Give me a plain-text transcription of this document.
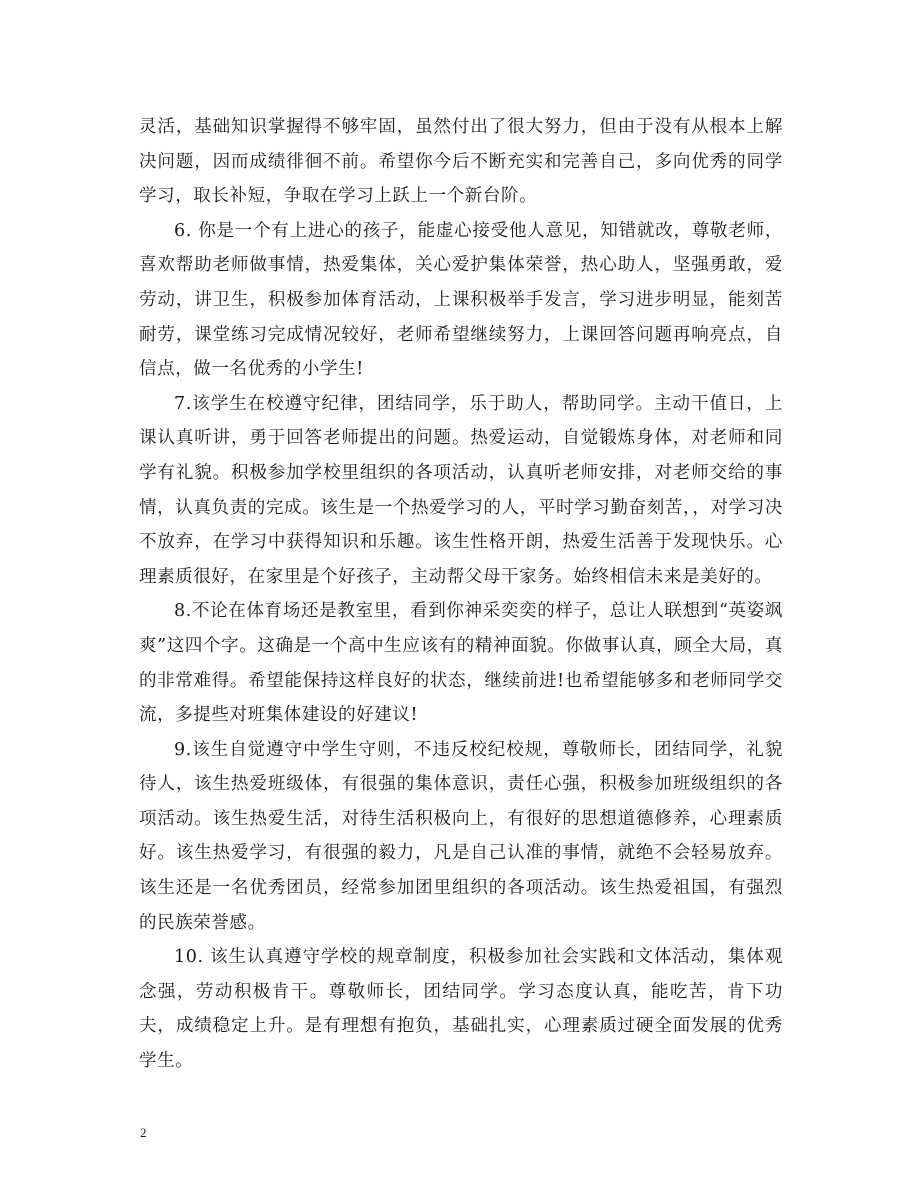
灵活，基础知识掌握得不够牢固，虽然付出了很大努力，但由于没有从根本上解决问题，因而成绩徘徊不前。希望你今后不断充实和完善自己，多向优秀的同学学习，取长补短，争取在学习上跃上一个新台阶。

6. 你是一个有上进心的孩子，能虚心接受他人意见，知错就改，尊敬老师，喜欢帮助老师做事情，热爱集体，关心爱护集体荣誉，热心助人，坚强勇敢，爱劳动，讲卫生，积极参加体育活动，上课积极举手发言，学习进步明显，能刻苦耐劳，课堂练习完成情况较好，老师希望继续努力，上课回答问题再响亮点，自信点，做一名优秀的小学生!

7.该学生在校遵守纪律，团结同学，乐于助人，帮助同学。主动干值日，上课认真听讲，勇于回答老师提出的问题。热爱运动，自觉锻炼身体，对老师和同学有礼貌。积极参加学校里组织的各项活动，认真听老师安排，对老师交给的事情，认真负责的完成。该生是一个热爱学习的人，平时学习勤奋刻苦，，对学习决不放弃，在学习中获得知识和乐趣。该生性格开朗，热爱生活善于发现快乐。心理素质很好，在家里是个好孩子，主动帮父母干家务。始终相信未来是美好的。

8.不论在体育场还是教室里，看到你神采奕奕的样子，总让人联想到“英姿飒爽”这四个字。这确是一个高中生应该有的精神面貌。你做事认真，顾全大局，真的非常难得。希望能保持这样良好的状态，继续前进!也希望能够多和老师同学交流，多提些对班集体建设的好建议!

9.该生自觉遵守中学生守则，不违反校纪校规，尊敬师长，团结同学，礼貌待人，该生热爱班级体，有很强的集体意识，责任心强，积极参加班级组织的各项活动。该生热爱生活，对待生活积极向上，有很好的思想道德修养，心理素质好。该生热爱学习，有很强的毅力，凡是自己认准的事情，就绝不会轻易放弃。该生还是一名优秀团员，经常参加团里组织的各项活动。该生热爱祖国，有强烈的民族荣誉感。

10. 该生认真遵守学校的规章制度，积极参加社会实践和文体活动，集体观念强，劳动积极肯干。尊敬师长，团结同学。学习态度认真，能吃苦，肯下功夫，成绩稳定上升。是有理想有抱负，基础扎实，心理素质过硬全面发展的优秀学生。

2
